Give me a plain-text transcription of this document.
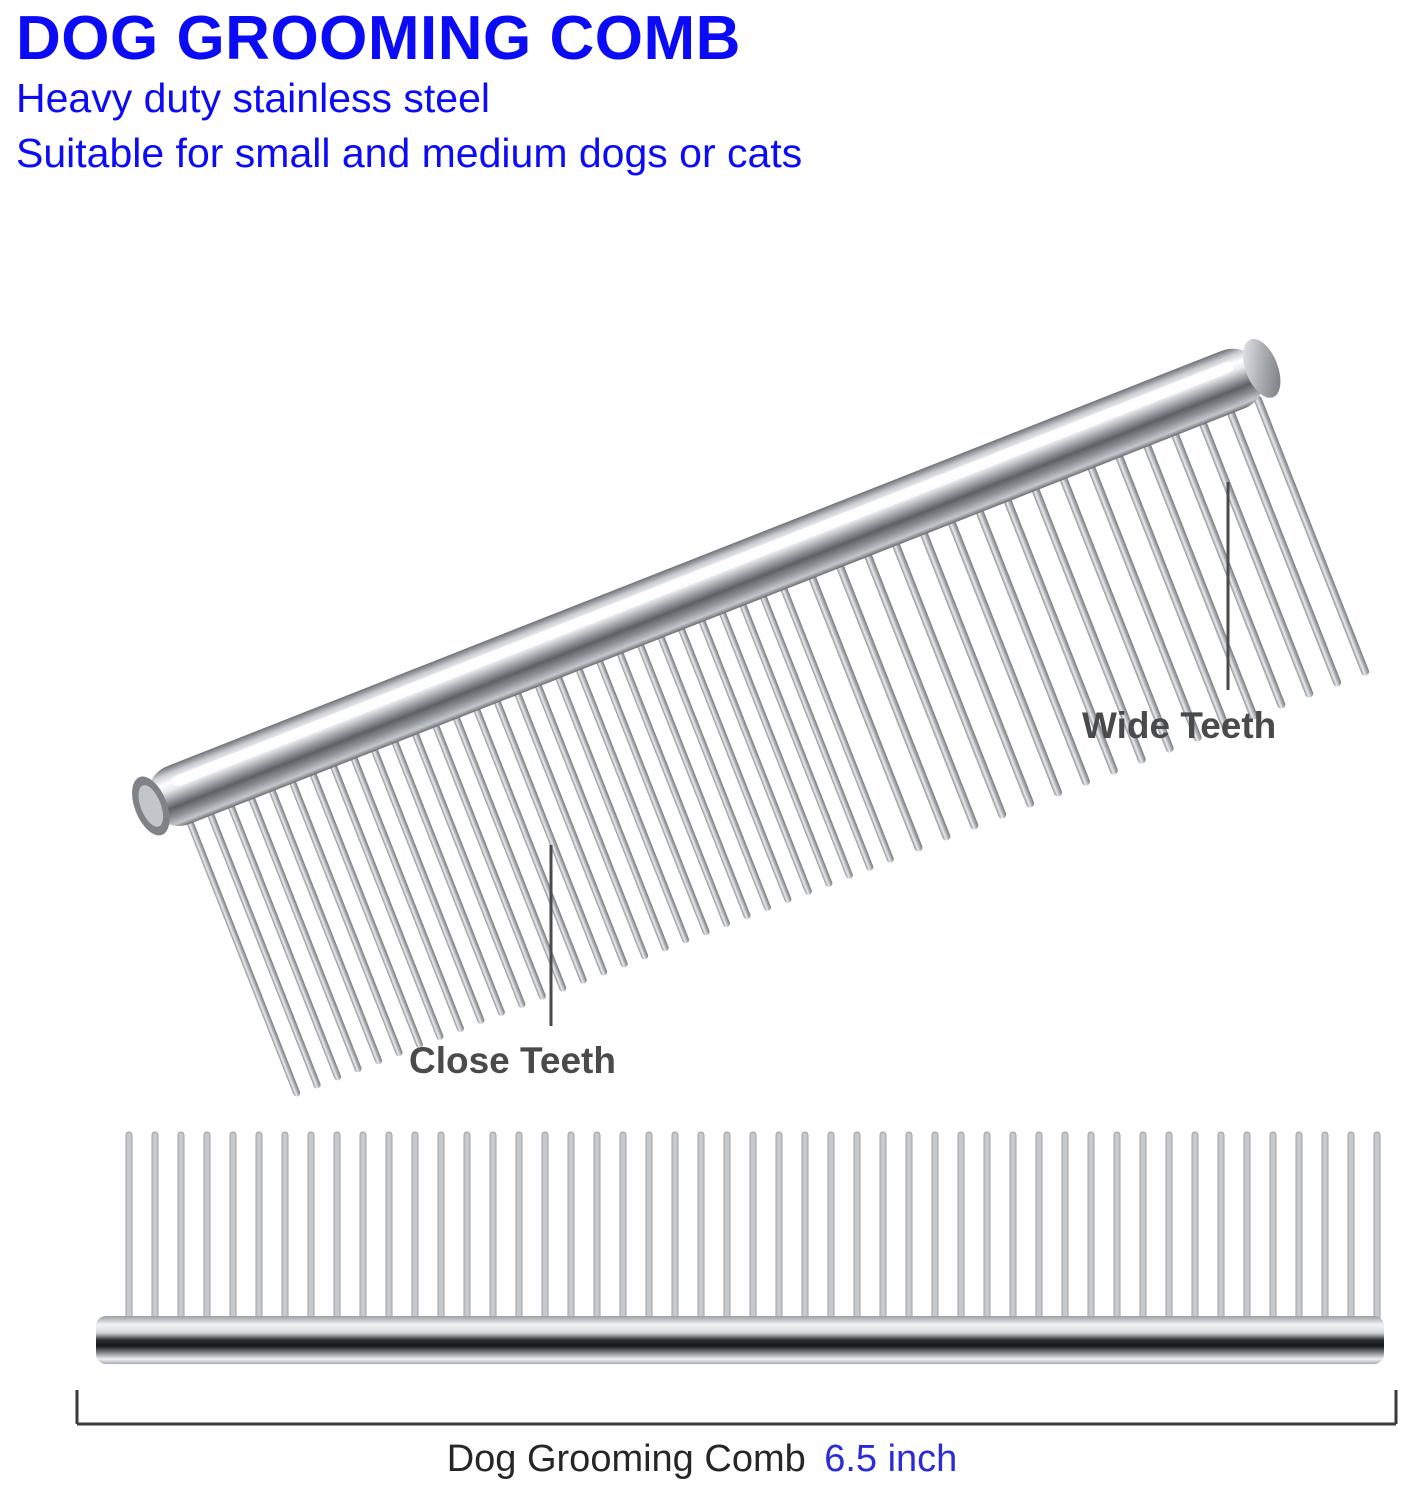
DOG GROOMING COMB
Heavy duty stainless steel
Suitable for small and medium dogs or cats
Wide Teeth
Close Teeth
Dog Grooming Comb 6.5 inch
